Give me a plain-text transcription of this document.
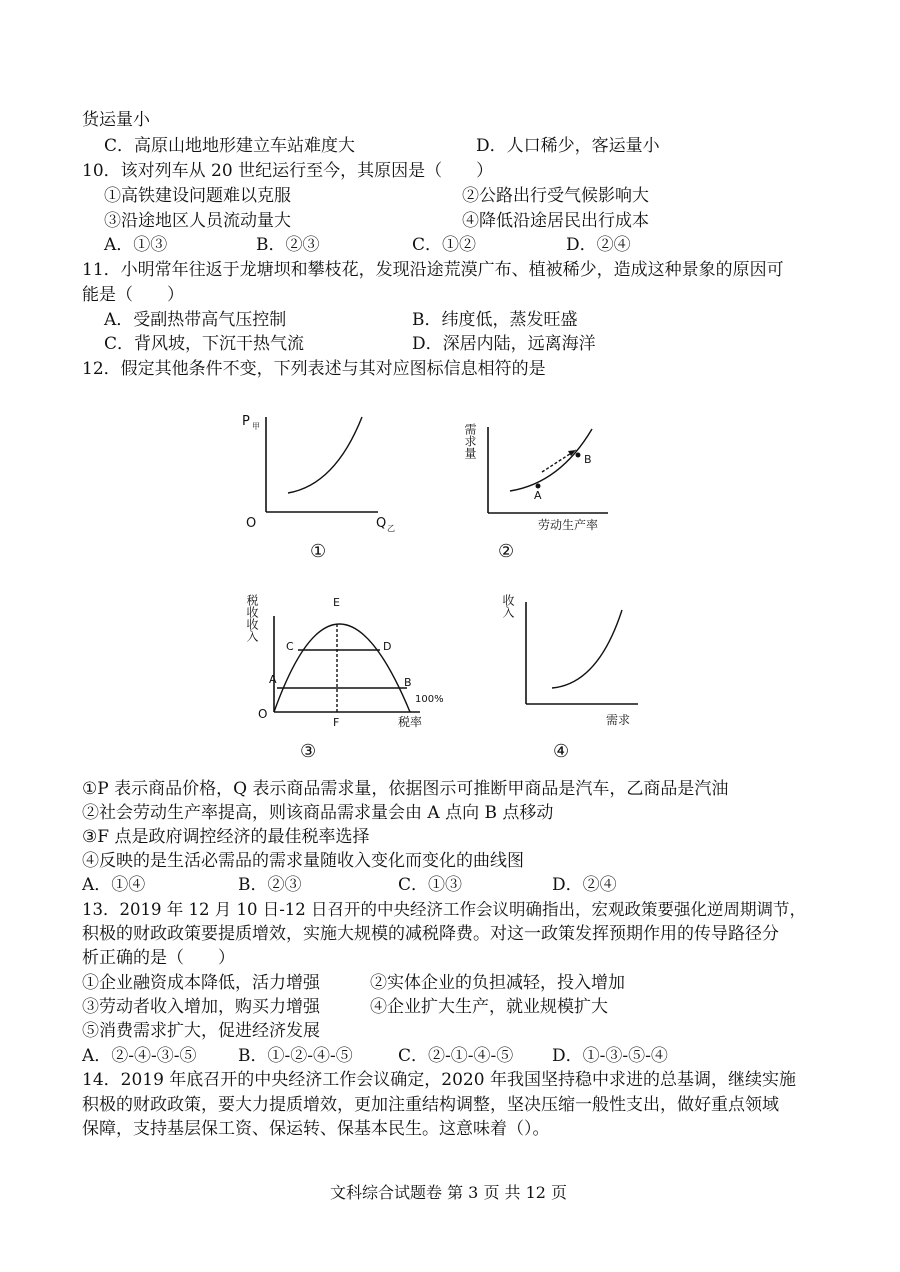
货运量小
C．高原山地地形建立车站难度大	D．人口稀少，客运量小
10．该对列车从 20 世纪运行至今，其原因是（　　）
①高铁建设问题难以克服	②公路出行受气候影响大
③沿途地区人员流动量大	④降低沿途居民出行成本
A．①③	B．②③	C．①②	D．②④
11．小明常年往返于龙塘坝和攀枝花，发现沿途荒漠广布、植被稀少，造成这种景象的原因可
能是（　　）
A．受副热带高气压控制	B．纬度低，蒸发旺盛
C．背风坡，下沉干热气流	D．深居内陆，远离海洋
12．假定其他条件不变，下列表述与其对应图标信息相符的是
P 甲
O	Q 乙
①
需求量
A
B
劳动生产率
②
税收收入	E
C	D
A	B
100%
O
F	税率
③
收入
需求
④
①P 表示商品价格，Q 表示商品需求量，依据图示可推断甲商品是汽车，乙商品是汽油
②社会劳动生产率提高，则该商品需求量会由 A 点向 B 点移动
③F 点是政府调控经济的最佳税率选择
④反映的是生活必需品的需求量随收入变化而变化的曲线图
A．①④	B．②③	C．①③	D．②④
13．2019 年 12 月 10 日-12 日召开的中央经济工作会议明确指出，宏观政策要强化逆周期调节，
积极的财政政策要提质增效，实施大规模的减税降费。对这一政策发挥预期作用的传导路径分
析正确的是（　　）
①企业融资成本降低，活力增强	②实体企业的负担减轻，投入增加
③劳动者收入增加，购买力增强	④企业扩大生产，就业规模扩大
⑤消费需求扩大，促进经济发展
A．②-④-③-⑤ B．①-②-④-⑤	C．②-①-④-⑤ D．①-③-⑤-④
14．2019 年底召开的中央经济工作会议确定，2020 年我国坚持稳中求进的总基调，继续实施
积极的财政政策，要大力提质增效，更加注重结构调整，坚决压缩一般性支出，做好重点领域
保障，支持基层保工资、保运转、保基本民生。这意味着（）。
文科综合试题卷 第 3 页 共 12 页
